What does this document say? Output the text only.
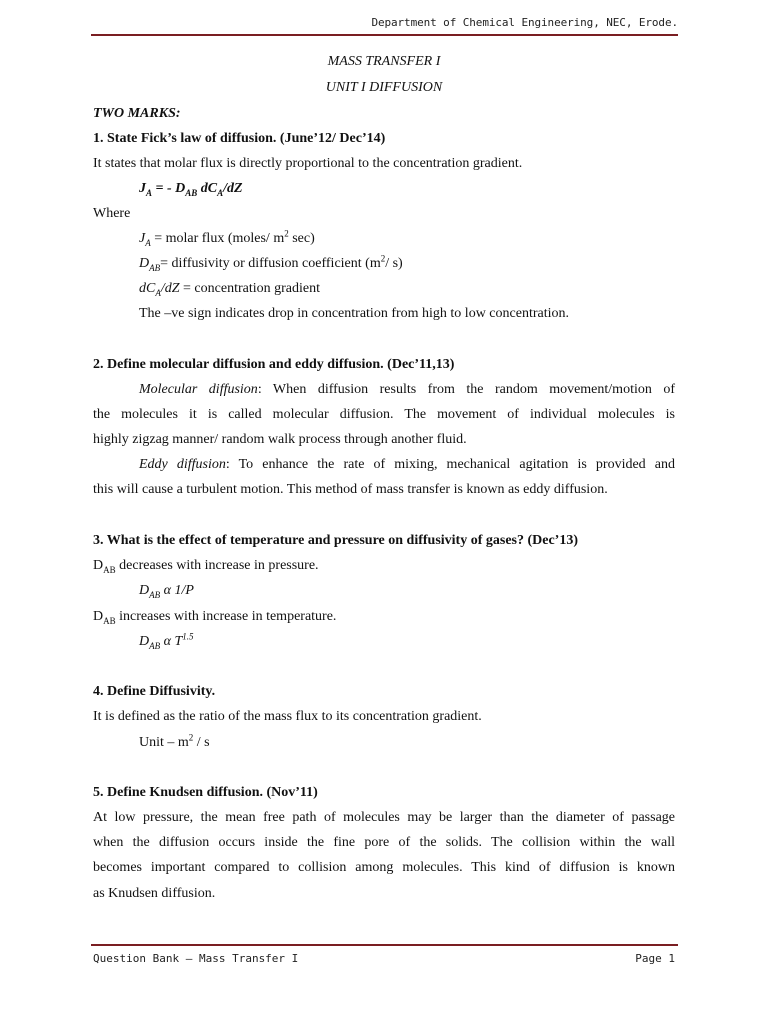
Department of Chemical Engineering, NEC, Erode.
MASS TRANSFER I
UNIT I DIFFUSION
TWO MARKS:
1. State Fick’s law of diffusion. (June’12/ Dec’14)
It states that molar flux is directly proportional to the concentration gradient.
$J_A$ = - $D_{AB}$ $dC_A/dZ$
Where
$J_A$ = molar flux (moles/ $m^2$ sec)
$D_{AB}=$ diffusivity or diffusion coefficient ($m^2/$ s)
$dC_A/dZ$ = concentration gradient
The –ve sign indicates drop in concentration from high to low concentration.
2. Define molecular diffusion and eddy diffusion. (Dec’11,13)
Molecular diffusion: When diffusion results from the random movement/motion of
the molecules it is called molecular diffusion. The movement of individual molecules is
highly zigzag manner/ random walk process through another fluid.
Eddy diffusion: To enhance the rate of mixing, mechanical agitation is provided and
this will cause a turbulent motion. This method of mass transfer is known as eddy diffusion.
3. What is the effect of temperature and pressure on diffusivity of gases? (Dec’13)
$D_{AB}$ decreases with increase in pressure.
$D_{AB}$ α 1/P
$D_{AB}$ increases with increase in temperature.
$D_{AB}$ α $T^{1.5}$
4. Define Diffusivity.
It is defined as the ratio of the mass flux to its concentration gradient.
Unit – $m^2$ / s
5. Define Knudsen diffusion. (Nov’11)
At low pressure, the mean free path of molecules may be larger than the diameter of passage
when the diffusion occurs inside the fine pore of the solids. The collision within the wall
becomes important compared to collision among molecules. This kind of diffusion is known
as Knudsen diffusion.
Question Bank – Mass Transfer I	Page 1
